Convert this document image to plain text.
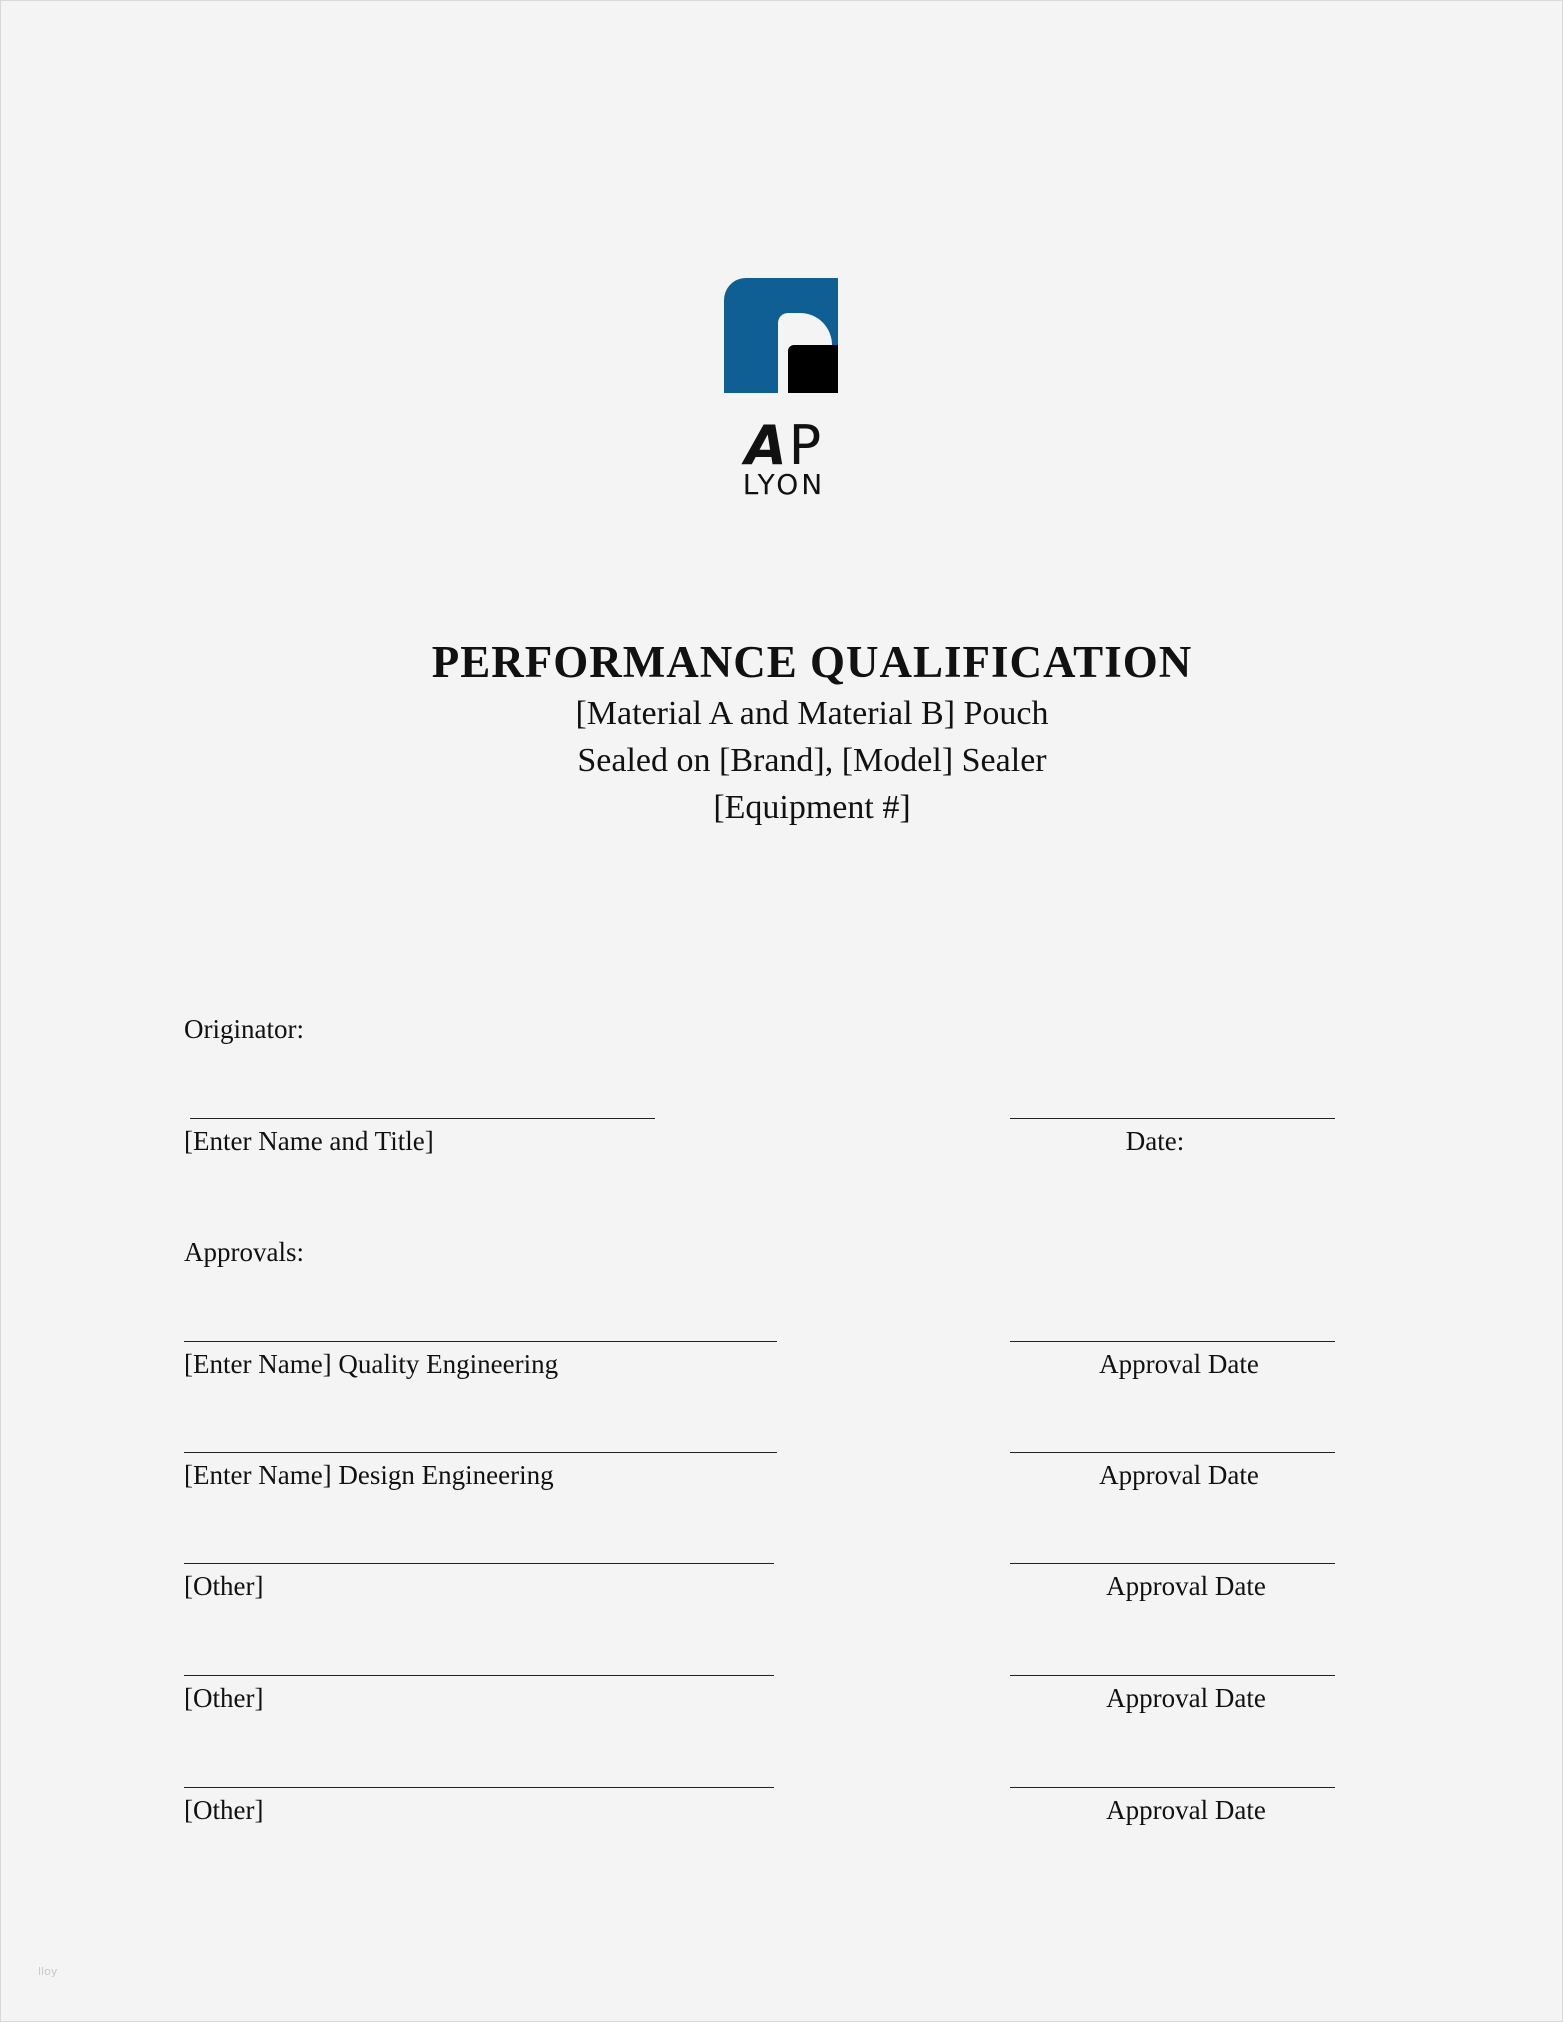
AP
LYON
PERFORMANCE QUALIFICATION

[Material A and Material B] Pouch

Sealed on [Brand], [Model] Sealer

[Equipment #]

Originator:
[Enter Name and Title]	Date:
Approvals:
[Enter Name] Quality Engineering	Approval Date
[Enter Name] Design Engineering	Approval Date
[Other]	Approval Date
[Other]	Approval Date
[Other]	Approval Date
lloy
